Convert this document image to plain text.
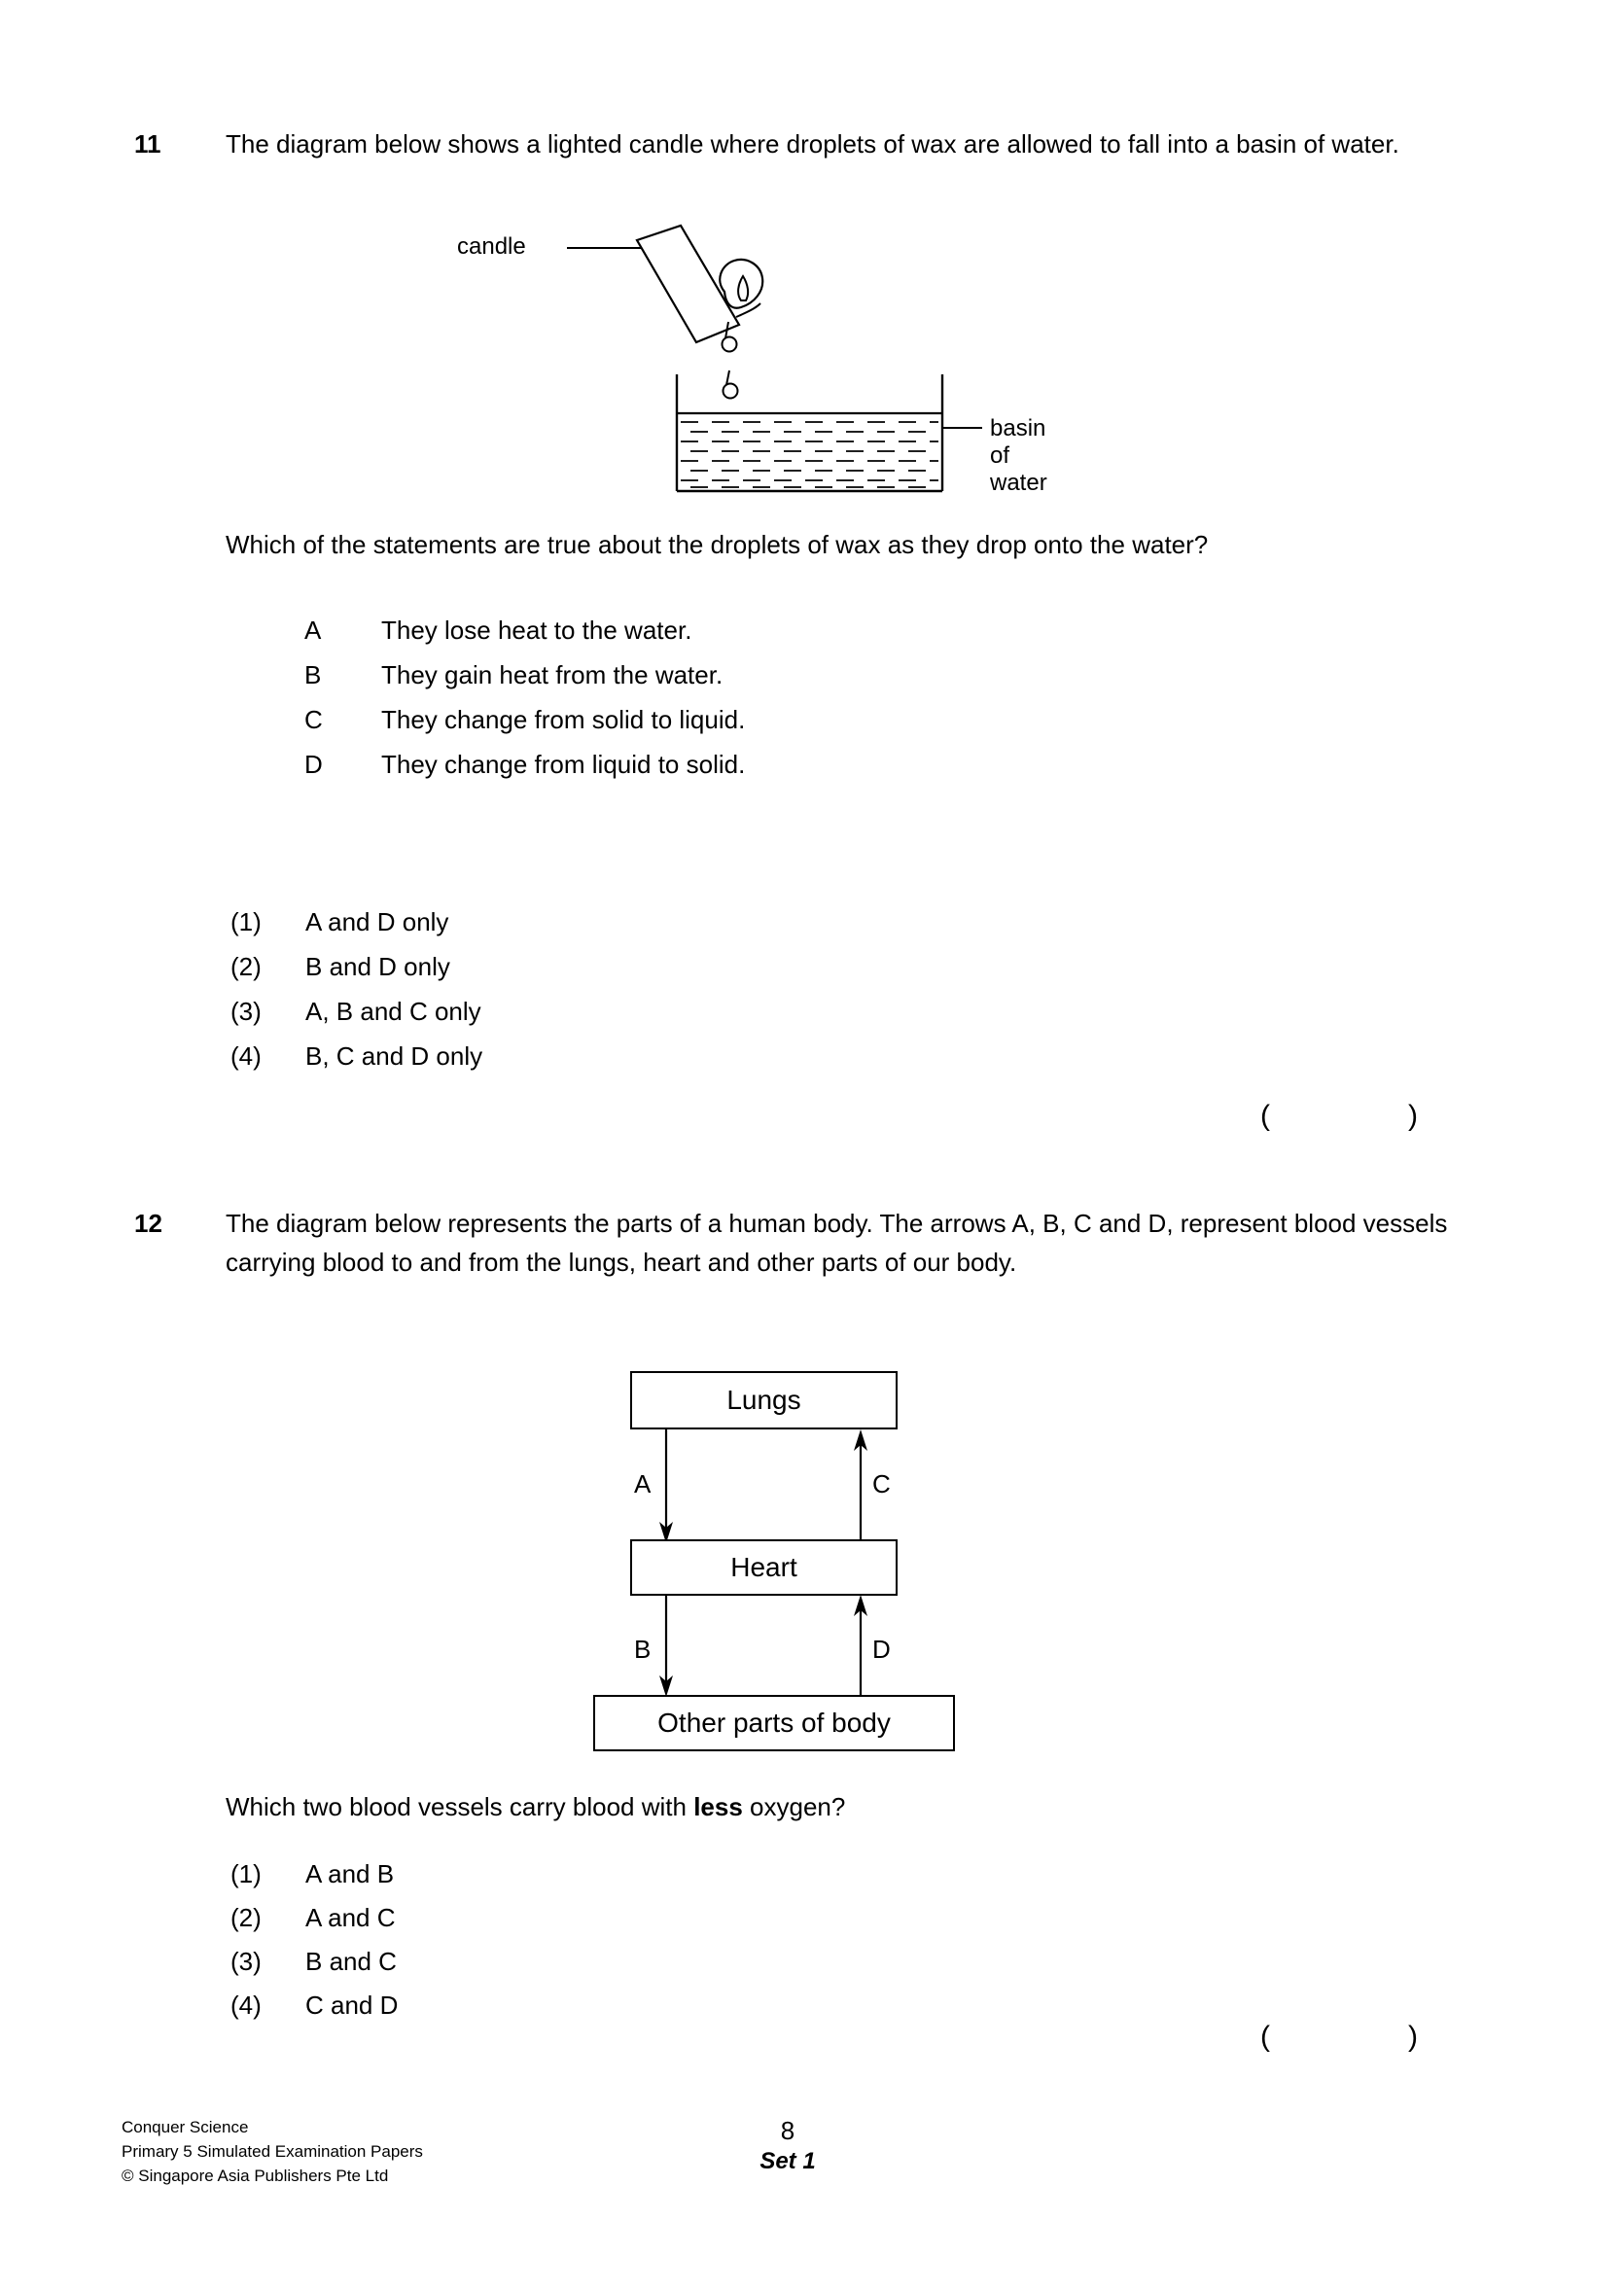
11	The diagram below shows a lighted candle where droplets of wax are allowed to fall into a basin of water.
candle
basin of water
Which of the statements are true about the droplets of wax as they drop onto the water?
A	They lose heat to the water.
B	They gain heat from the water.
C	They change from solid to liquid.
D	They change from liquid to solid.
(1)	A and D only
(2)	B and D only
(3)	A, B and C only
(4)	B, C and D only
(	)
12	The diagram below represents the parts of a human body. The arrows A, B, C and D, represent blood vessels carrying blood to and from the lungs, heart and other parts of our body.
Lungs
Heart
Other parts of body
A	C
B	D
Which two blood vessels carry blood with less oxygen?
(1)	A and B
(2)	A and C
(3)	B and C
(4)	C and D
(	)
Conquer Science
Primary 5 Simulated Examination Papers
© Singapore Asia Publishers Pte Ltd
8
Set 1
